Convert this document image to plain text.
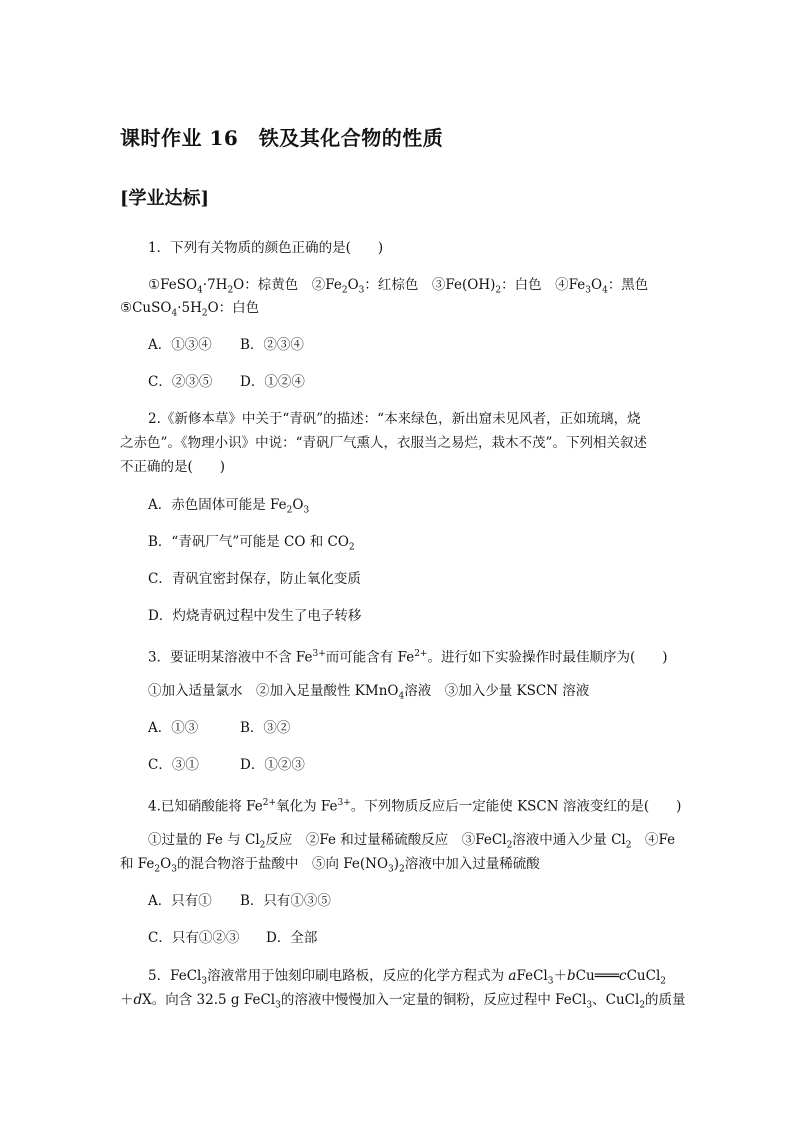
课时作业 16　铁及其化合物的性质
[学业达标]
1．下列有关物质的颜色正确的是(　　)
$①FeSO_4\cdot 7H_2O$：棕黄色　$②Fe_2O_3$：红棕色　$③Fe(OH)_2$：白色　$④Fe_3O_4$：黑色
$⑤CuSO_4\cdot 5H_2O$：白色
A．①③④ B．②③④
C．②③⑤ D．①②④
2.《新修本草》中关于“青矾”的描述：“本来绿色，新出窟未见风者，正如琉璃，烧
之赤色”。《物理小识》中说：“青矾厂气熏人，衣服当之易烂，栽木不茂”。下列相关叙述
不正确的是(　　)
A．赤色固体可能是 $Fe_2O_3$
B．“青矾厂气”可能是 CO 和 $CO_2$
C．青矾宜密封保存，防止氧化变质
D．灼烧青矾过程中发生了电子转移
3．要证明某溶液中不含 $Fe^{3+}$而可能含有 $Fe^{2+}$。进行如下实验操作时最佳顺序为(　　)
①加入适量氯水　②加入足量酸性 KMnO$_4$溶液　③加入少量 KSCN 溶液
A．①③	B．③②
C．③①	D．①②③
4.已知硝酸能将 $Fe^{2+}$氧化为 $Fe^{3+}$。下列物质反应后一定能使 KSCN 溶液变红的是(　　)
①过量的 Fe 与 $Cl_2$反应　②Fe 和过量稀硫酸反应　③FeCl$_2$溶液中通入少量 $Cl_2$　④Fe
和 $Fe_2O_3$的混合物溶于盐酸中　⑤向 $Fe(NO_3)_2$溶液中加入过量稀硫酸
A．只有① B．只有①③⑤
C．只有①②③ D．全部
5．FeCl$_3$溶液常用于蚀刻印刷电路板，反应的化学方程式为 aFeCl$_3$＋bCu═══cCuCl$_2$
＋dX。向含 32.5 g FeCl$_3$的溶液中慢慢加入一定量的铜粉，反应过程中 FeCl$_3$、CuCl$_2$的质量
